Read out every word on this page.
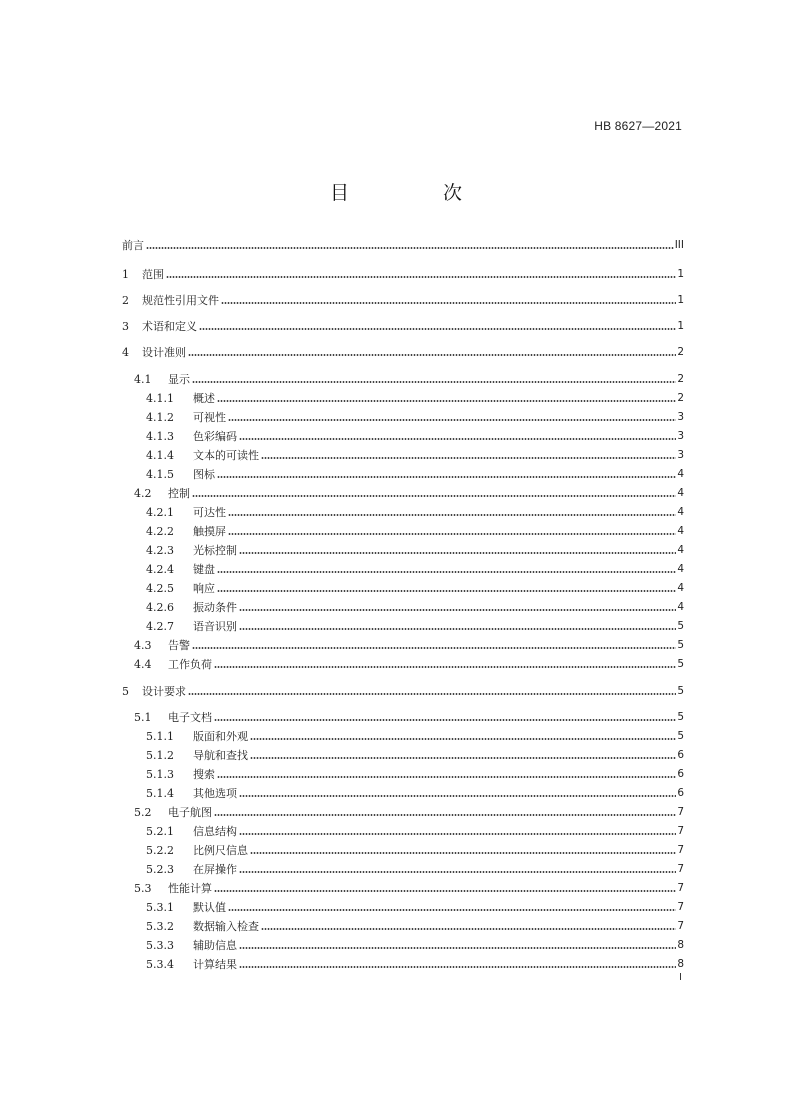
HB 8627—2021
目 次
前言	III
1	范围	1
2	规范性引用文件	1
3	术语和定义	1
4	设计准则	2
4.1	显示	2
4.1.1	概述	2
4.1.2	可视性	3
4.1.3	色彩编码	3
4.1.4	文本的可读性	3
4.1.5	图标	4
4.2	控制	4
4.2.1	可达性	4
4.2.2	触摸屏	4
4.2.3	光标控制	4
4.2.4	键盘	4
4.2.5	响应	4
4.2.6	振动条件	4
4.2.7	语音识别	5
4.3	告警	5
4.4	工作负荷	5
5	设计要求	5
5.1	电子文档	5
5.1.1	版面和外观	5
5.1.2	导航和查找	6
5.1.3	搜索	6
5.1.4	其他选项	6
5.2	电子航图	7
5.2.1	信息结构	7
5.2.2	比例尺信息	7
5.2.3	在屏操作	7
5.3	性能计算	7
5.3.1	默认值	7
5.3.2	数据输入检查	7
5.3.3	辅助信息	8
5.3.4	计算结果	8
I
